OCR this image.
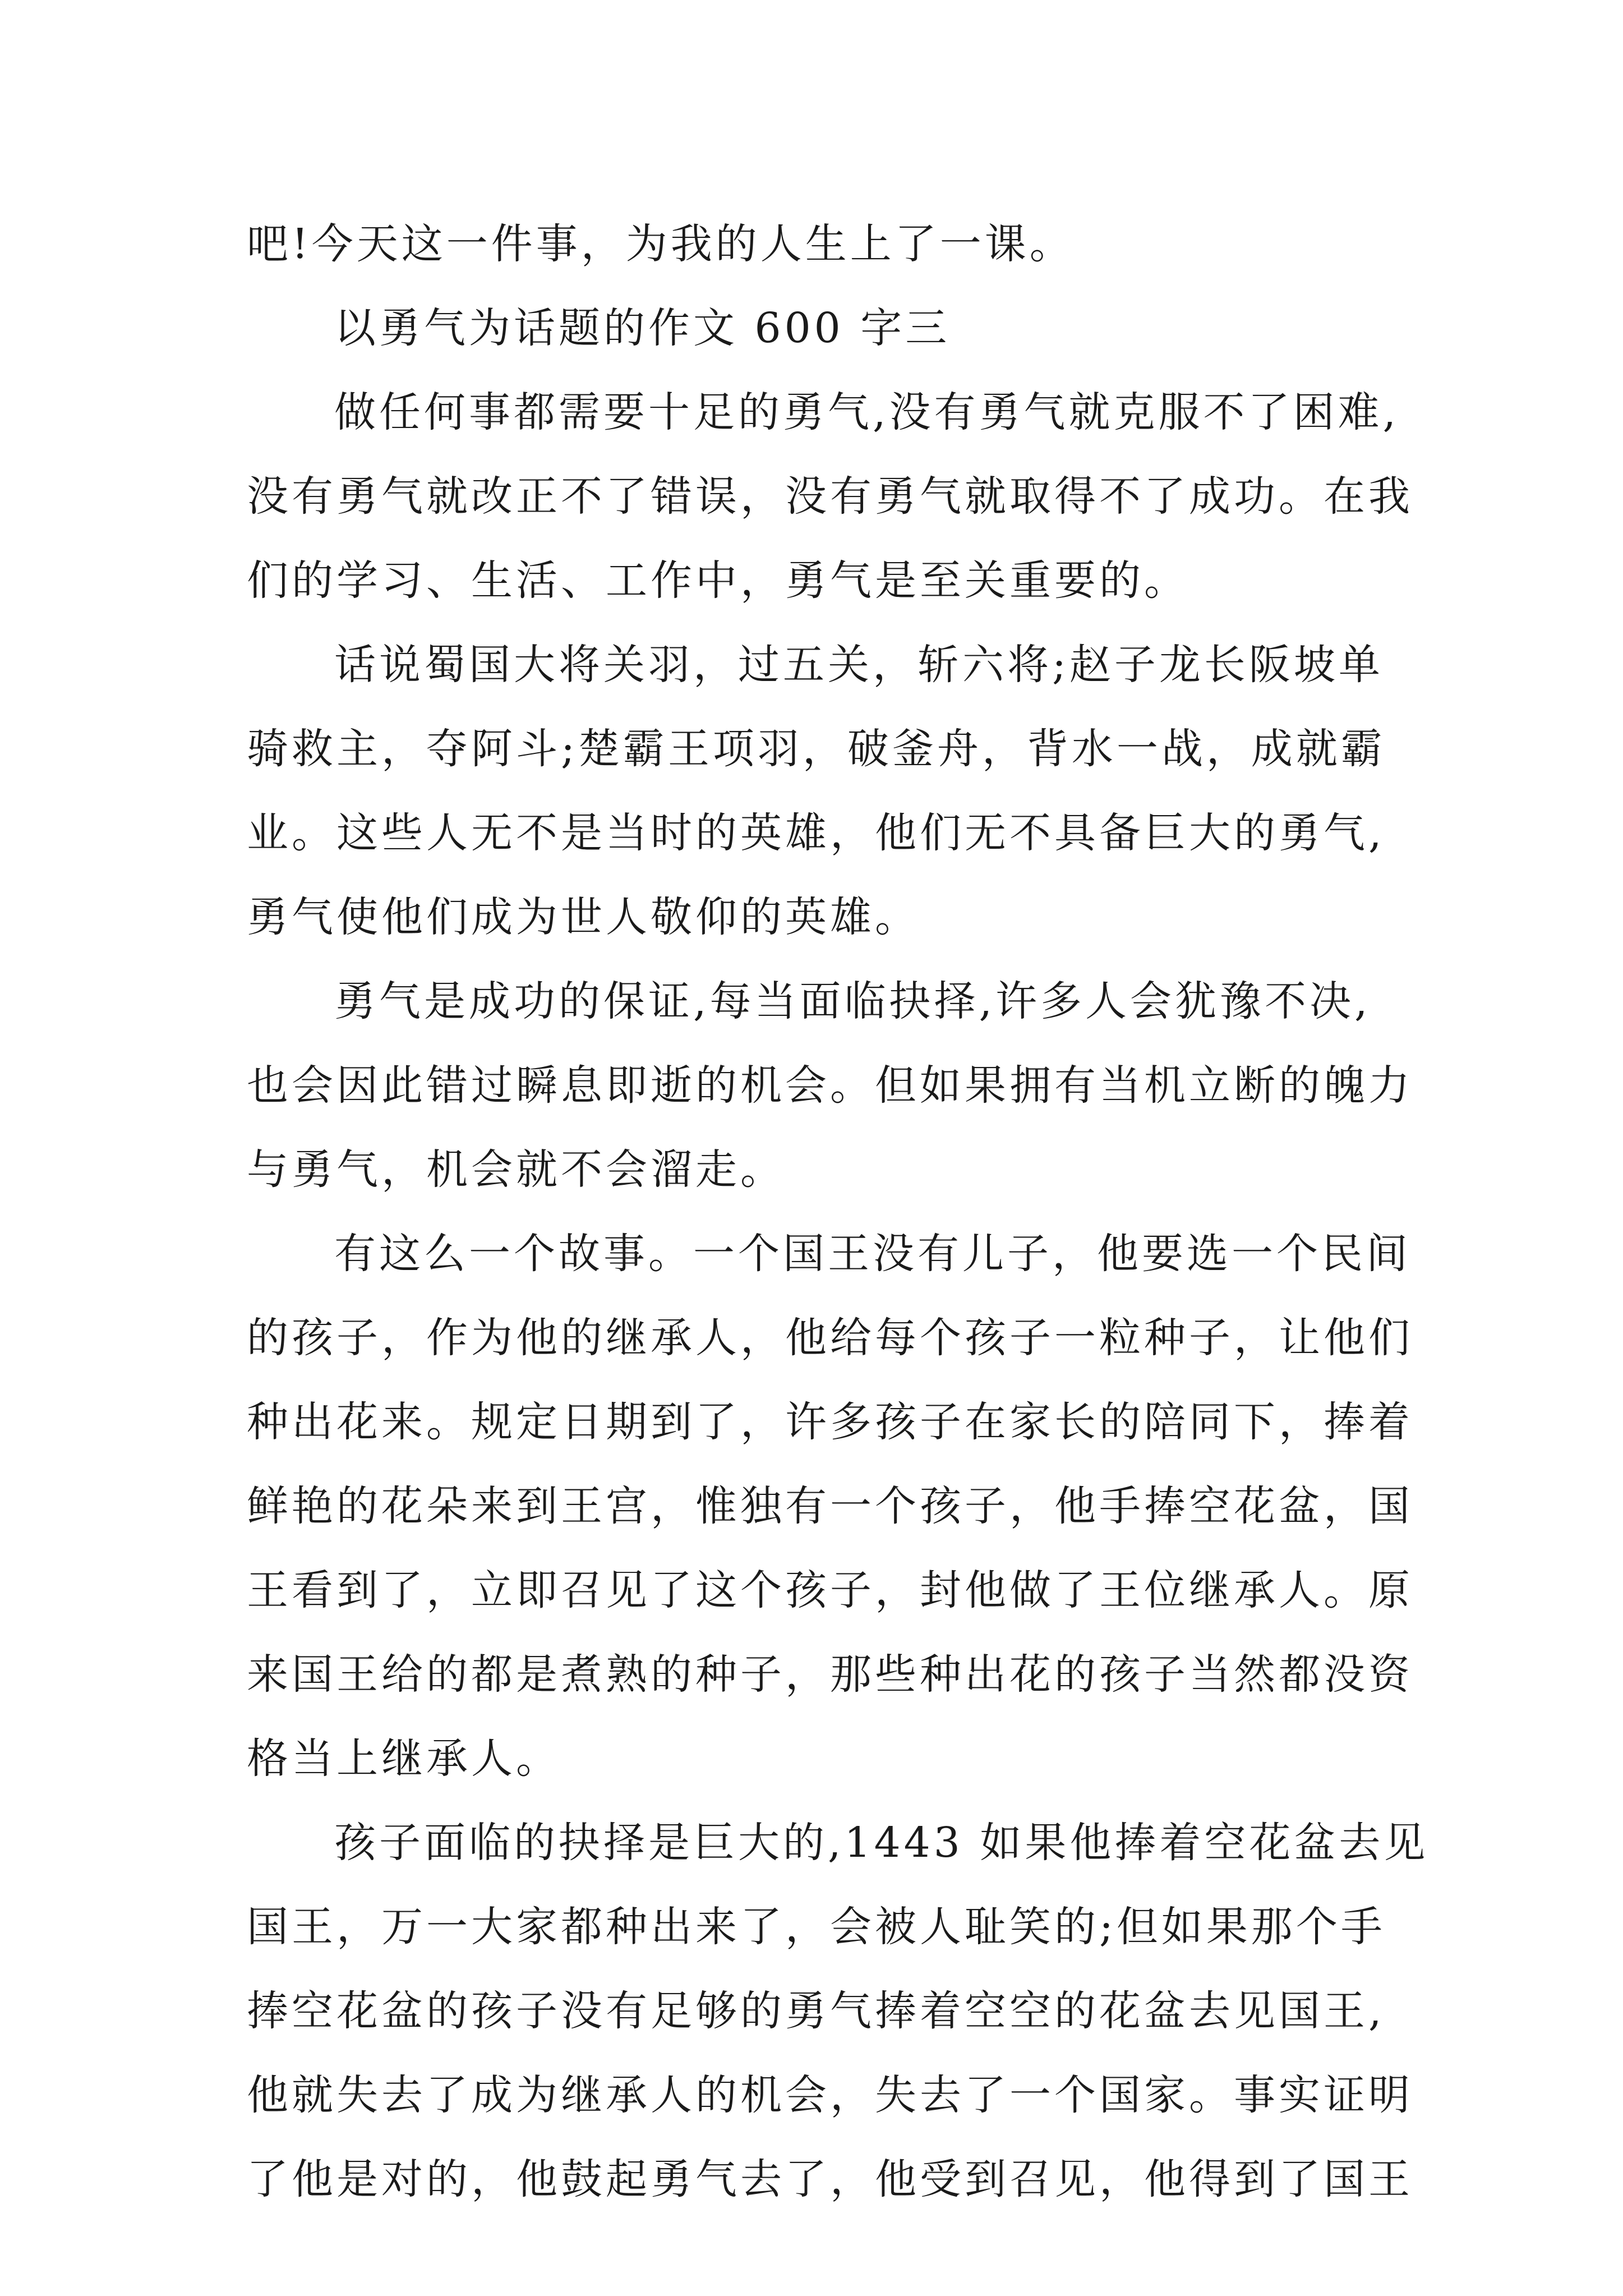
吧!今天这一件事，为我的人生上了一课。
以勇气为话题的作文 600 字三
做任何事都需要十足的勇气,没有勇气就克服不了困难,
没有勇气就改正不了错误，没有勇气就取得不了成功。在我
们的学习、生活、工作中，勇气是至关重要的。
话说蜀国大将关羽，过五关，斩六将;赵子龙长阪坡单
骑救主，夺阿斗;楚霸王项羽，破釜舟，背水一战，成就霸
业。这些人无不是当时的英雄，他们无不具备巨大的勇气,
勇气使他们成为世人敬仰的英雄。
勇气是成功的保证,每当面临抉择,许多人会犹豫不决,
也会因此错过瞬息即逝的机会。但如果拥有当机立断的魄力
与勇气，机会就不会溜走。
有这么一个故事。一个国王没有儿子，他要选一个民间
的孩子，作为他的继承人，他给每个孩子一粒种子，让他们
种出花来。规定日期到了，许多孩子在家长的陪同下，捧着
鲜艳的花朵来到王宫，惟独有一个孩子，他手捧空花盆，国
王看到了，立即召见了这个孩子，封他做了王位继承人。原
来国王给的都是煮熟的种子，那些种出花的孩子当然都没资
格当上继承人。
孩子面临的抉择是巨大的,1443 如果他捧着空花盆去见
国王，万一大家都种出来了，会被人耻笑的;但如果那个手
捧空花盆的孩子没有足够的勇气捧着空空的花盆去见国王,
他就失去了成为继承人的机会，失去了一个国家。事实证明
了他是对的，他鼓起勇气去了，他受到召见，他得到了国王
